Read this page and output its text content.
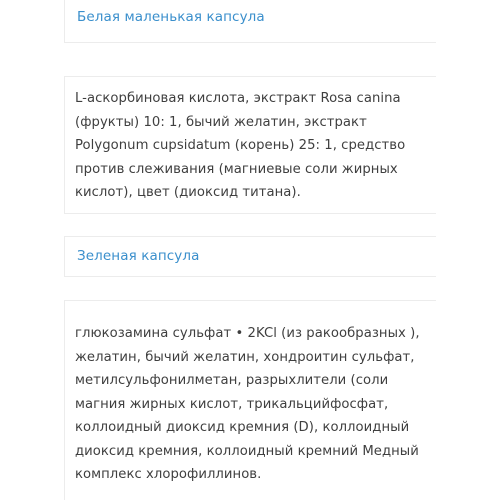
Белая маленькая капсула
L-аскорбиновая кислота, экстракт Rosa canina (фрукты) 10: 1, бычий желатин, экстракт Polygonum cupsidatum (корень) 25: 1, средство против слеживания (магниевые соли жирных кислот), цвет (диоксид титана).
Зеленая капсула
глюкозамина сульфат • 2KCl (из ракообразных ), желатин, бычий желатин, хондроитин сульфат, метилсульфонилметан, разрыхлители (соли магния жирных кислот, трикальцийфосфат, коллоидный диоксид кремния (D), коллоидный диоксид кремния, коллоидный кремний Медный комплекс хлорофиллинов.
